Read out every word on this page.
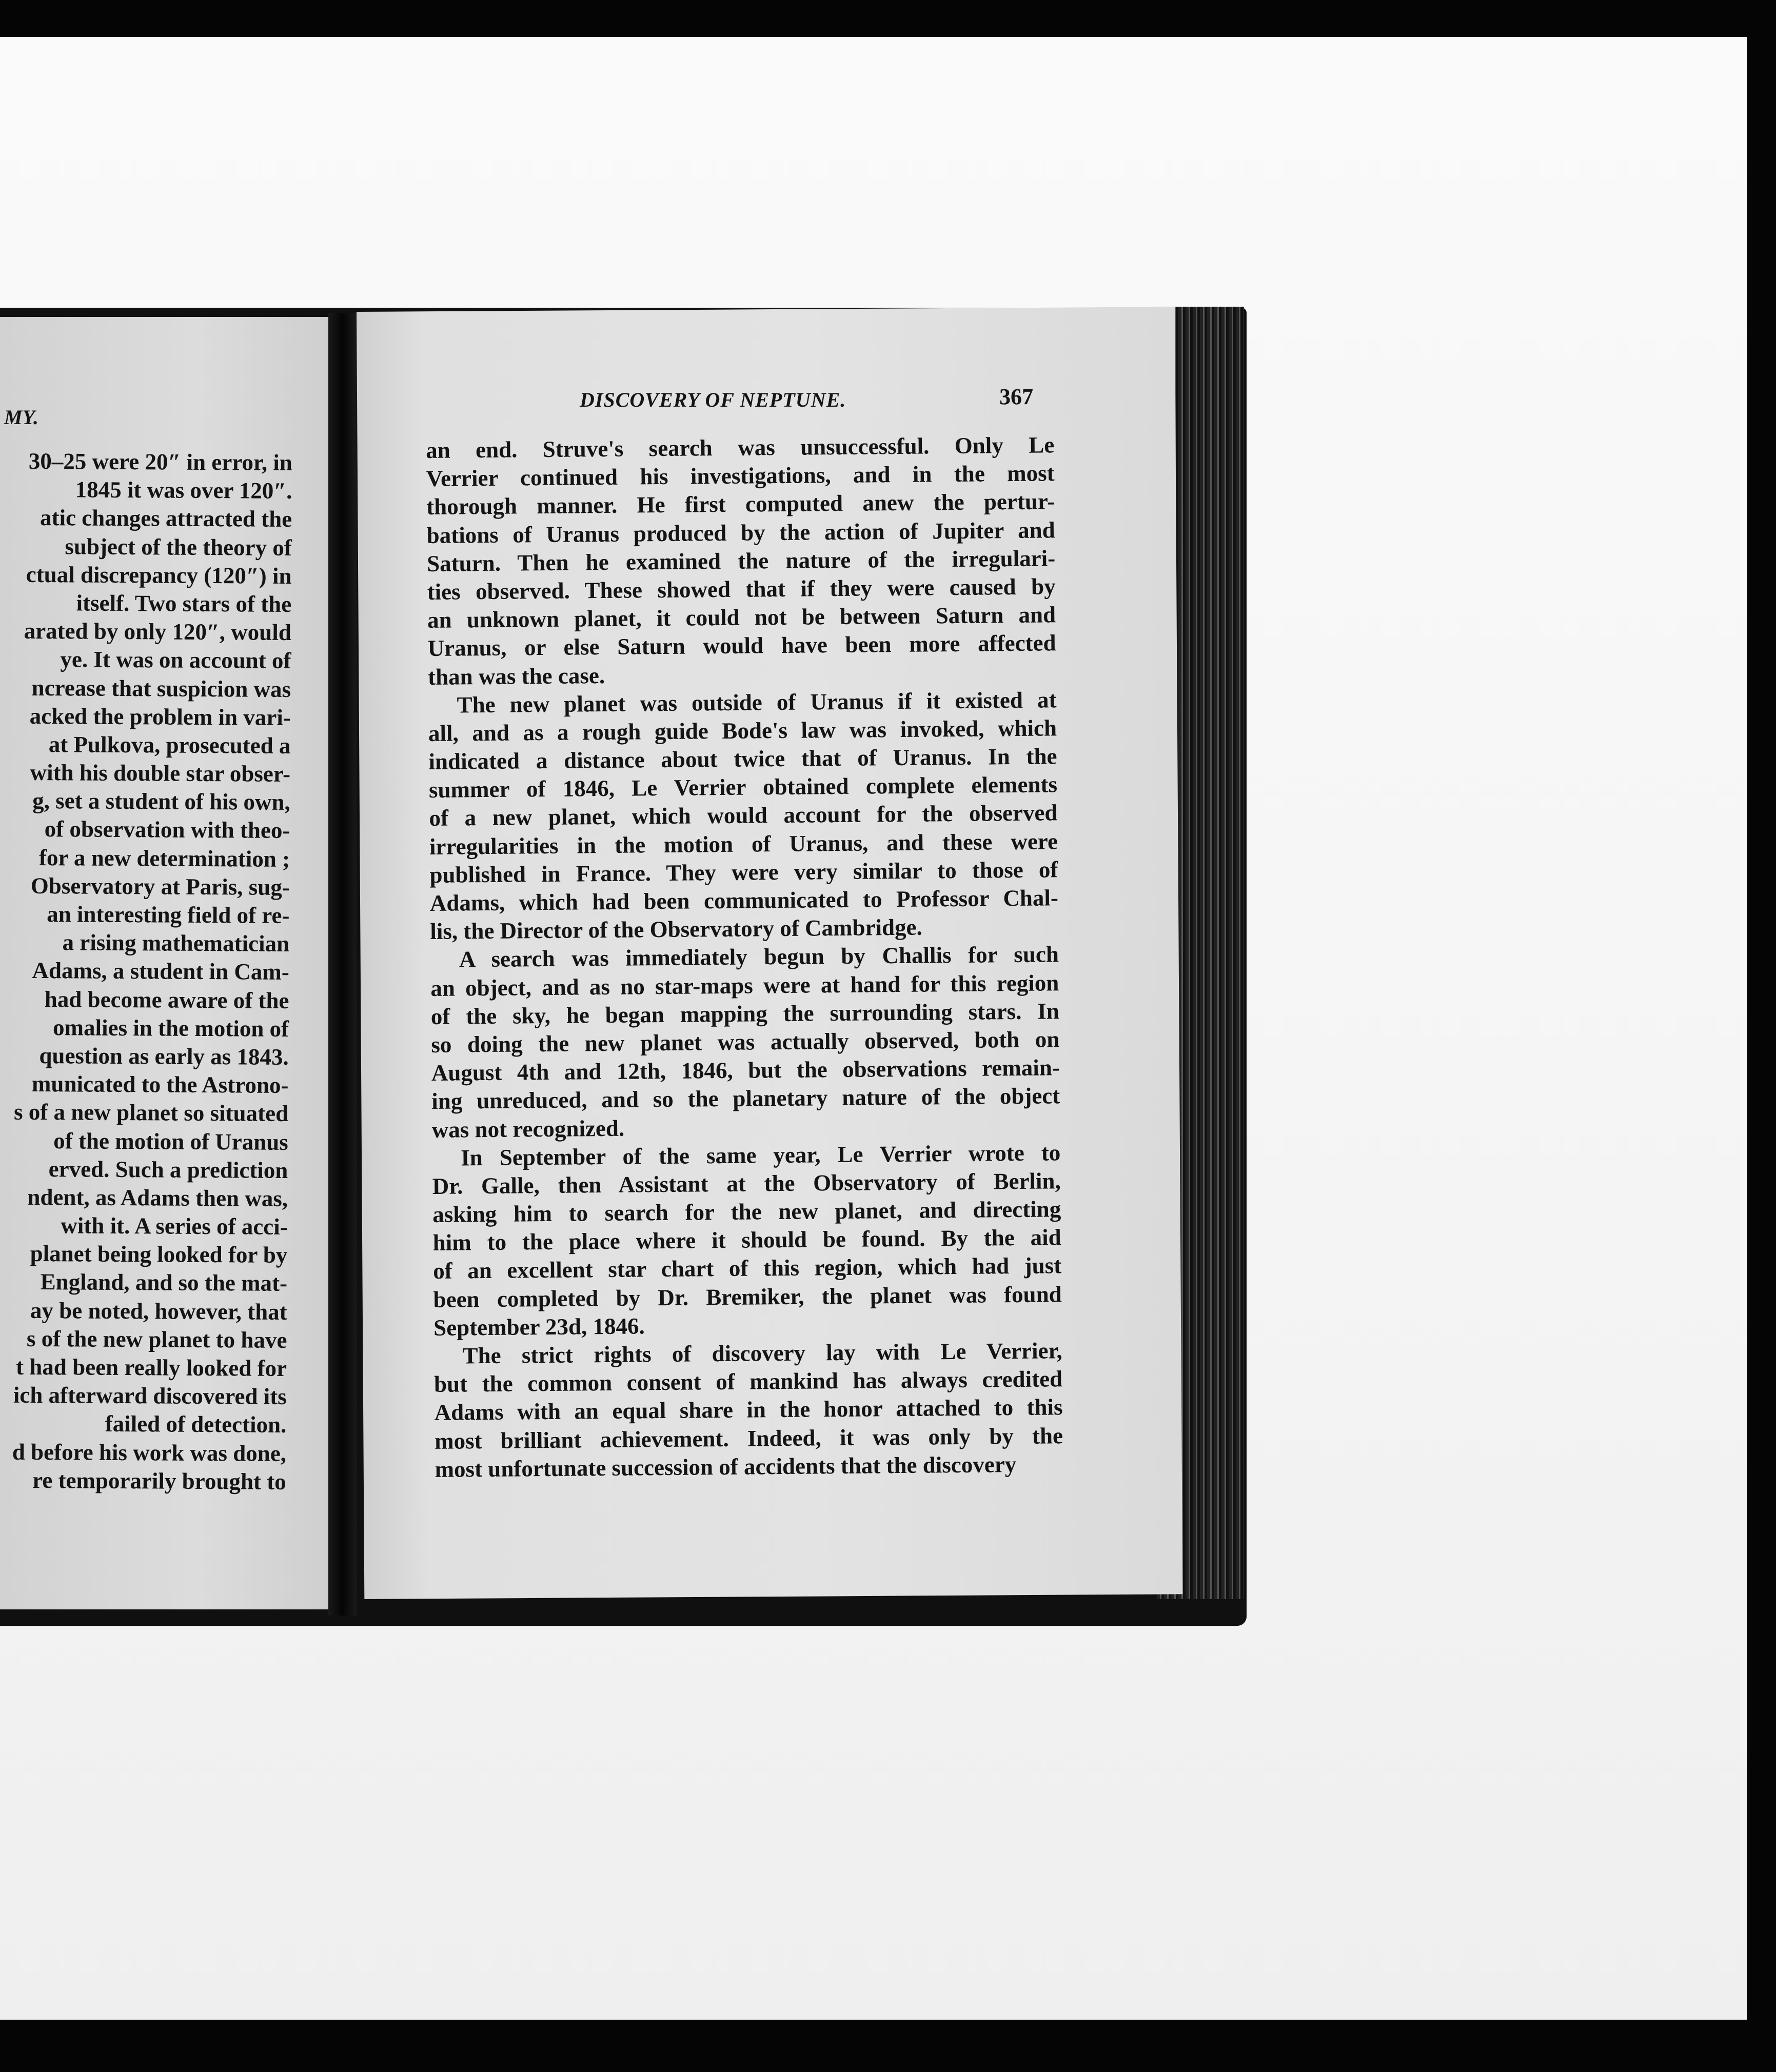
MY.
30–25 were 20″ in error, in
1845 it was over 120″.
atic changes attracted the
subject of the theory of
ctual discrepancy (120″) in
itself. Two stars of the
arated by only 120″, would
ye. It was on account of
ncrease that suspicion was
acked the problem in vari-
at Pulkova, prosecuted a
with his double star obser-
g, set a student of his own,
of observation with theo-
for a new determination ;
Observatory at Paris, sug-
an interesting field of re-
a rising mathematician
Adams, a student in Cam-
had become aware of the
omalies in the motion of
question as early as 1843.
municated to the Astrono-
s of a new planet so situated
of the motion of Uranus
erved. Such a prediction
ndent, as Adams then was,
with it. A series of acci-
planet being looked for by
England, and so the mat-
ay be noted, however, that
s of the new planet to have
t had been really looked for
ich afterward discovered its
failed of detection.
d before his work was done,
re temporarily brought to
DISCOVERY OF NEPTUNE.	367
an end. Struve's search was unsuccessful. Only Le
Verrier continued his investigations, and in the most
thorough manner. He first computed anew the pertur-
bations of Uranus produced by the action of Jupiter and
Saturn. Then he examined the nature of the irregulari-
ties observed. These showed that if they were caused by
an unknown planet, it could not be between Saturn and
Uranus, or else Saturn would have been more affected
than was the case.
The new planet was outside of Uranus if it existed at
all, and as a rough guide Bode's law was invoked, which
indicated a distance about twice that of Uranus. In the
summer of 1846, Le Verrier obtained complete elements
of a new planet, which would account for the observed
irregularities in the motion of Uranus, and these were
published in France. They were very similar to those of
Adams, which had been communicated to Professor Chal-
lis, the Director of the Observatory of Cambridge.
A search was immediately begun by Challis for such
an object, and as no star-maps were at hand for this region
of the sky, he began mapping the surrounding stars. In
so doing the new planet was actually observed, both on
August 4th and 12th, 1846, but the observations remain-
ing unreduced, and so the planetary nature of the object
was not recognized.
In September of the same year, Le Verrier wrote to
Dr. Galle, then Assistant at the Observatory of Berlin,
asking him to search for the new planet, and directing
him to the place where it should be found. By the aid
of an excellent star chart of this region, which had just
been completed by Dr. Bremiker, the planet was found
September 23d, 1846.
The strict rights of discovery lay with Le Verrier,
but the common consent of mankind has always credited
Adams with an equal share in the honor attached to this
most brilliant achievement. Indeed, it was only by the
most unfortunate succession of accidents that the discovery
